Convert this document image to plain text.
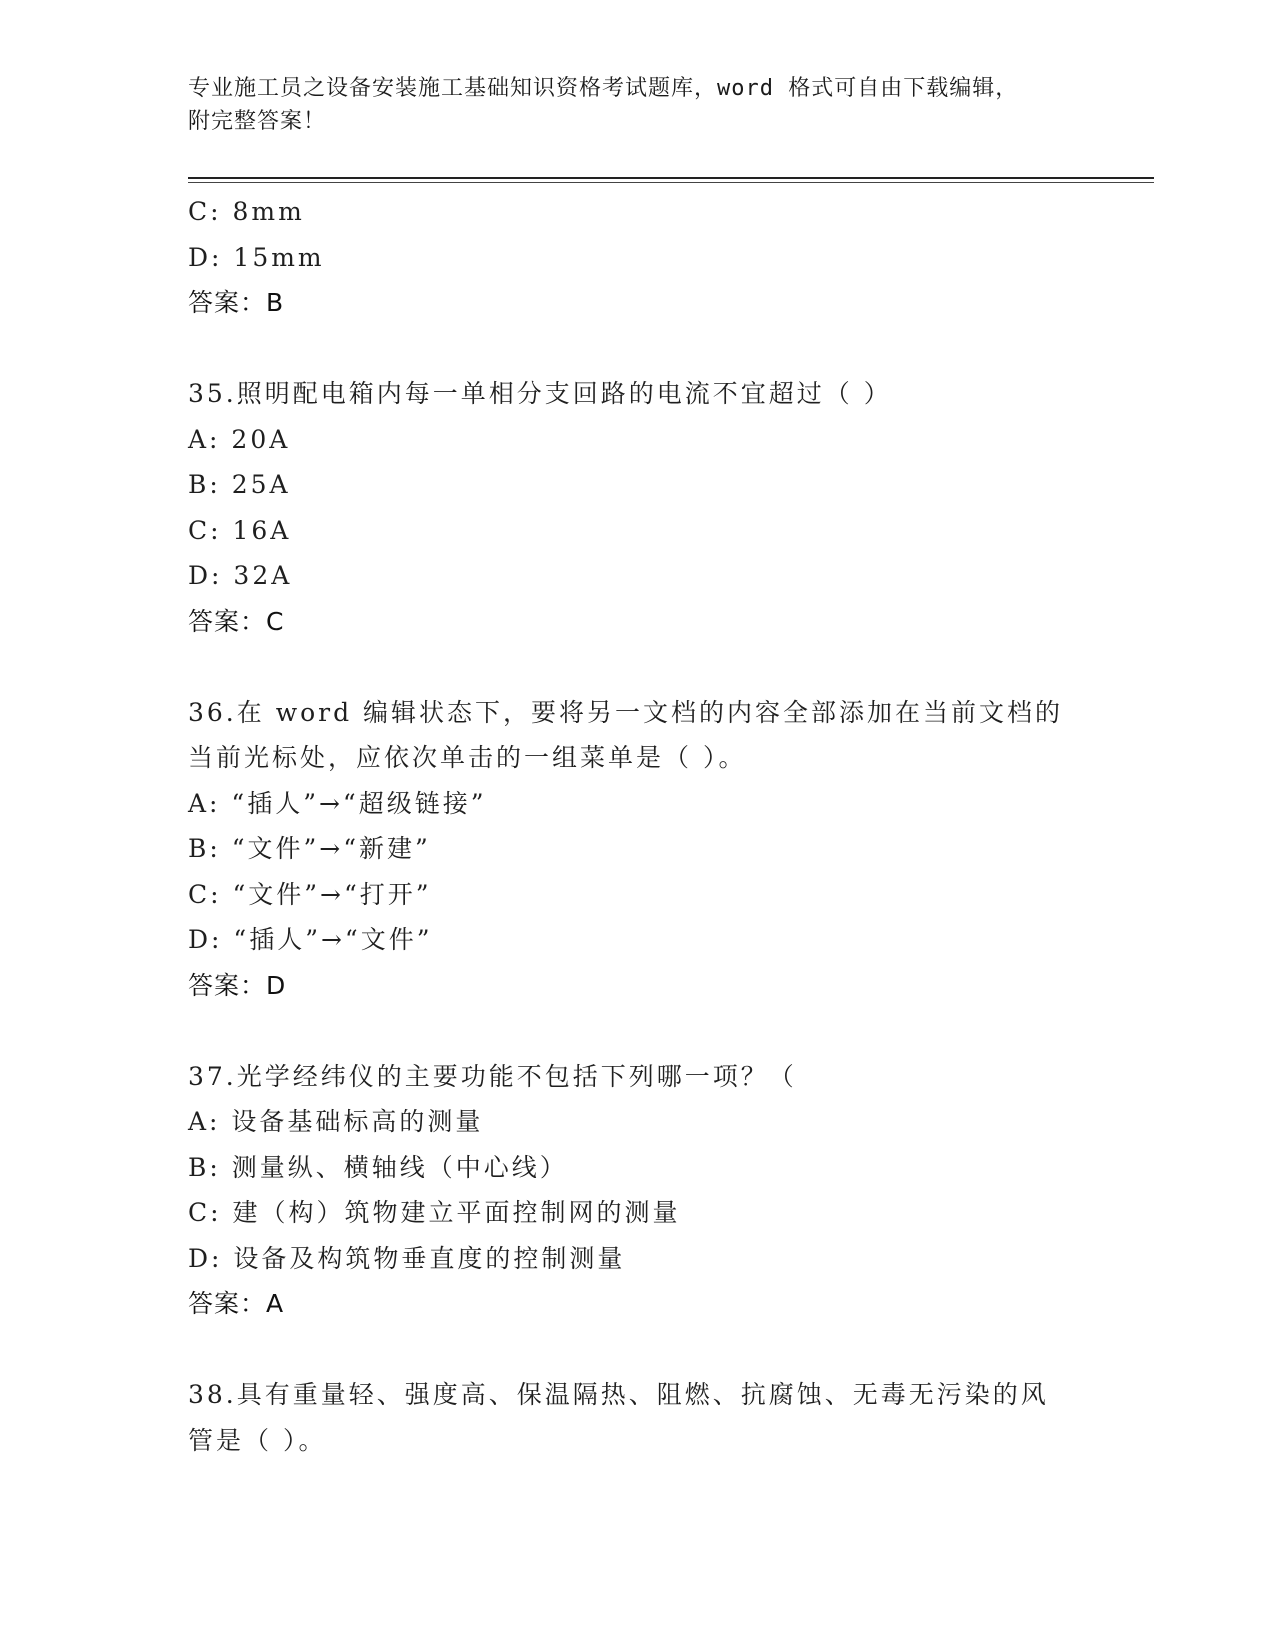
专业施工员之设备安装施工基础知识资格考试题库，word 格式可自由下载编辑，
附完整答案！
C: 8mm
D: 15mm
答案：B
35.照明配电箱内每一单相分支回路的电流不宜超过（ ）
A: 20A
B: 25A
C: 16A
D: 32A
答案：C
36.在 word 编辑状态下，要将另一文档的内容全部添加在当前文档的
当前光标处，应依次单击的一组菜单是（ ）。
A: “插人”→“超级链接”
B: “文件”→“新建”
C: “文件”→“打开”
D: “插人”→“文件”
答案：D
37.光学经纬仪的主要功能不包括下列哪一项？（
A: 设备基础标高的测量
B: 测量纵、横轴线（中心线）
C: 建（构）筑物建立平面控制网的测量
D: 设备及构筑物垂直度的控制测量
答案：A
38.具有重量轻、强度高、保温隔热、阻燃、抗腐蚀、无毒无污染的风
管是（ ）。
